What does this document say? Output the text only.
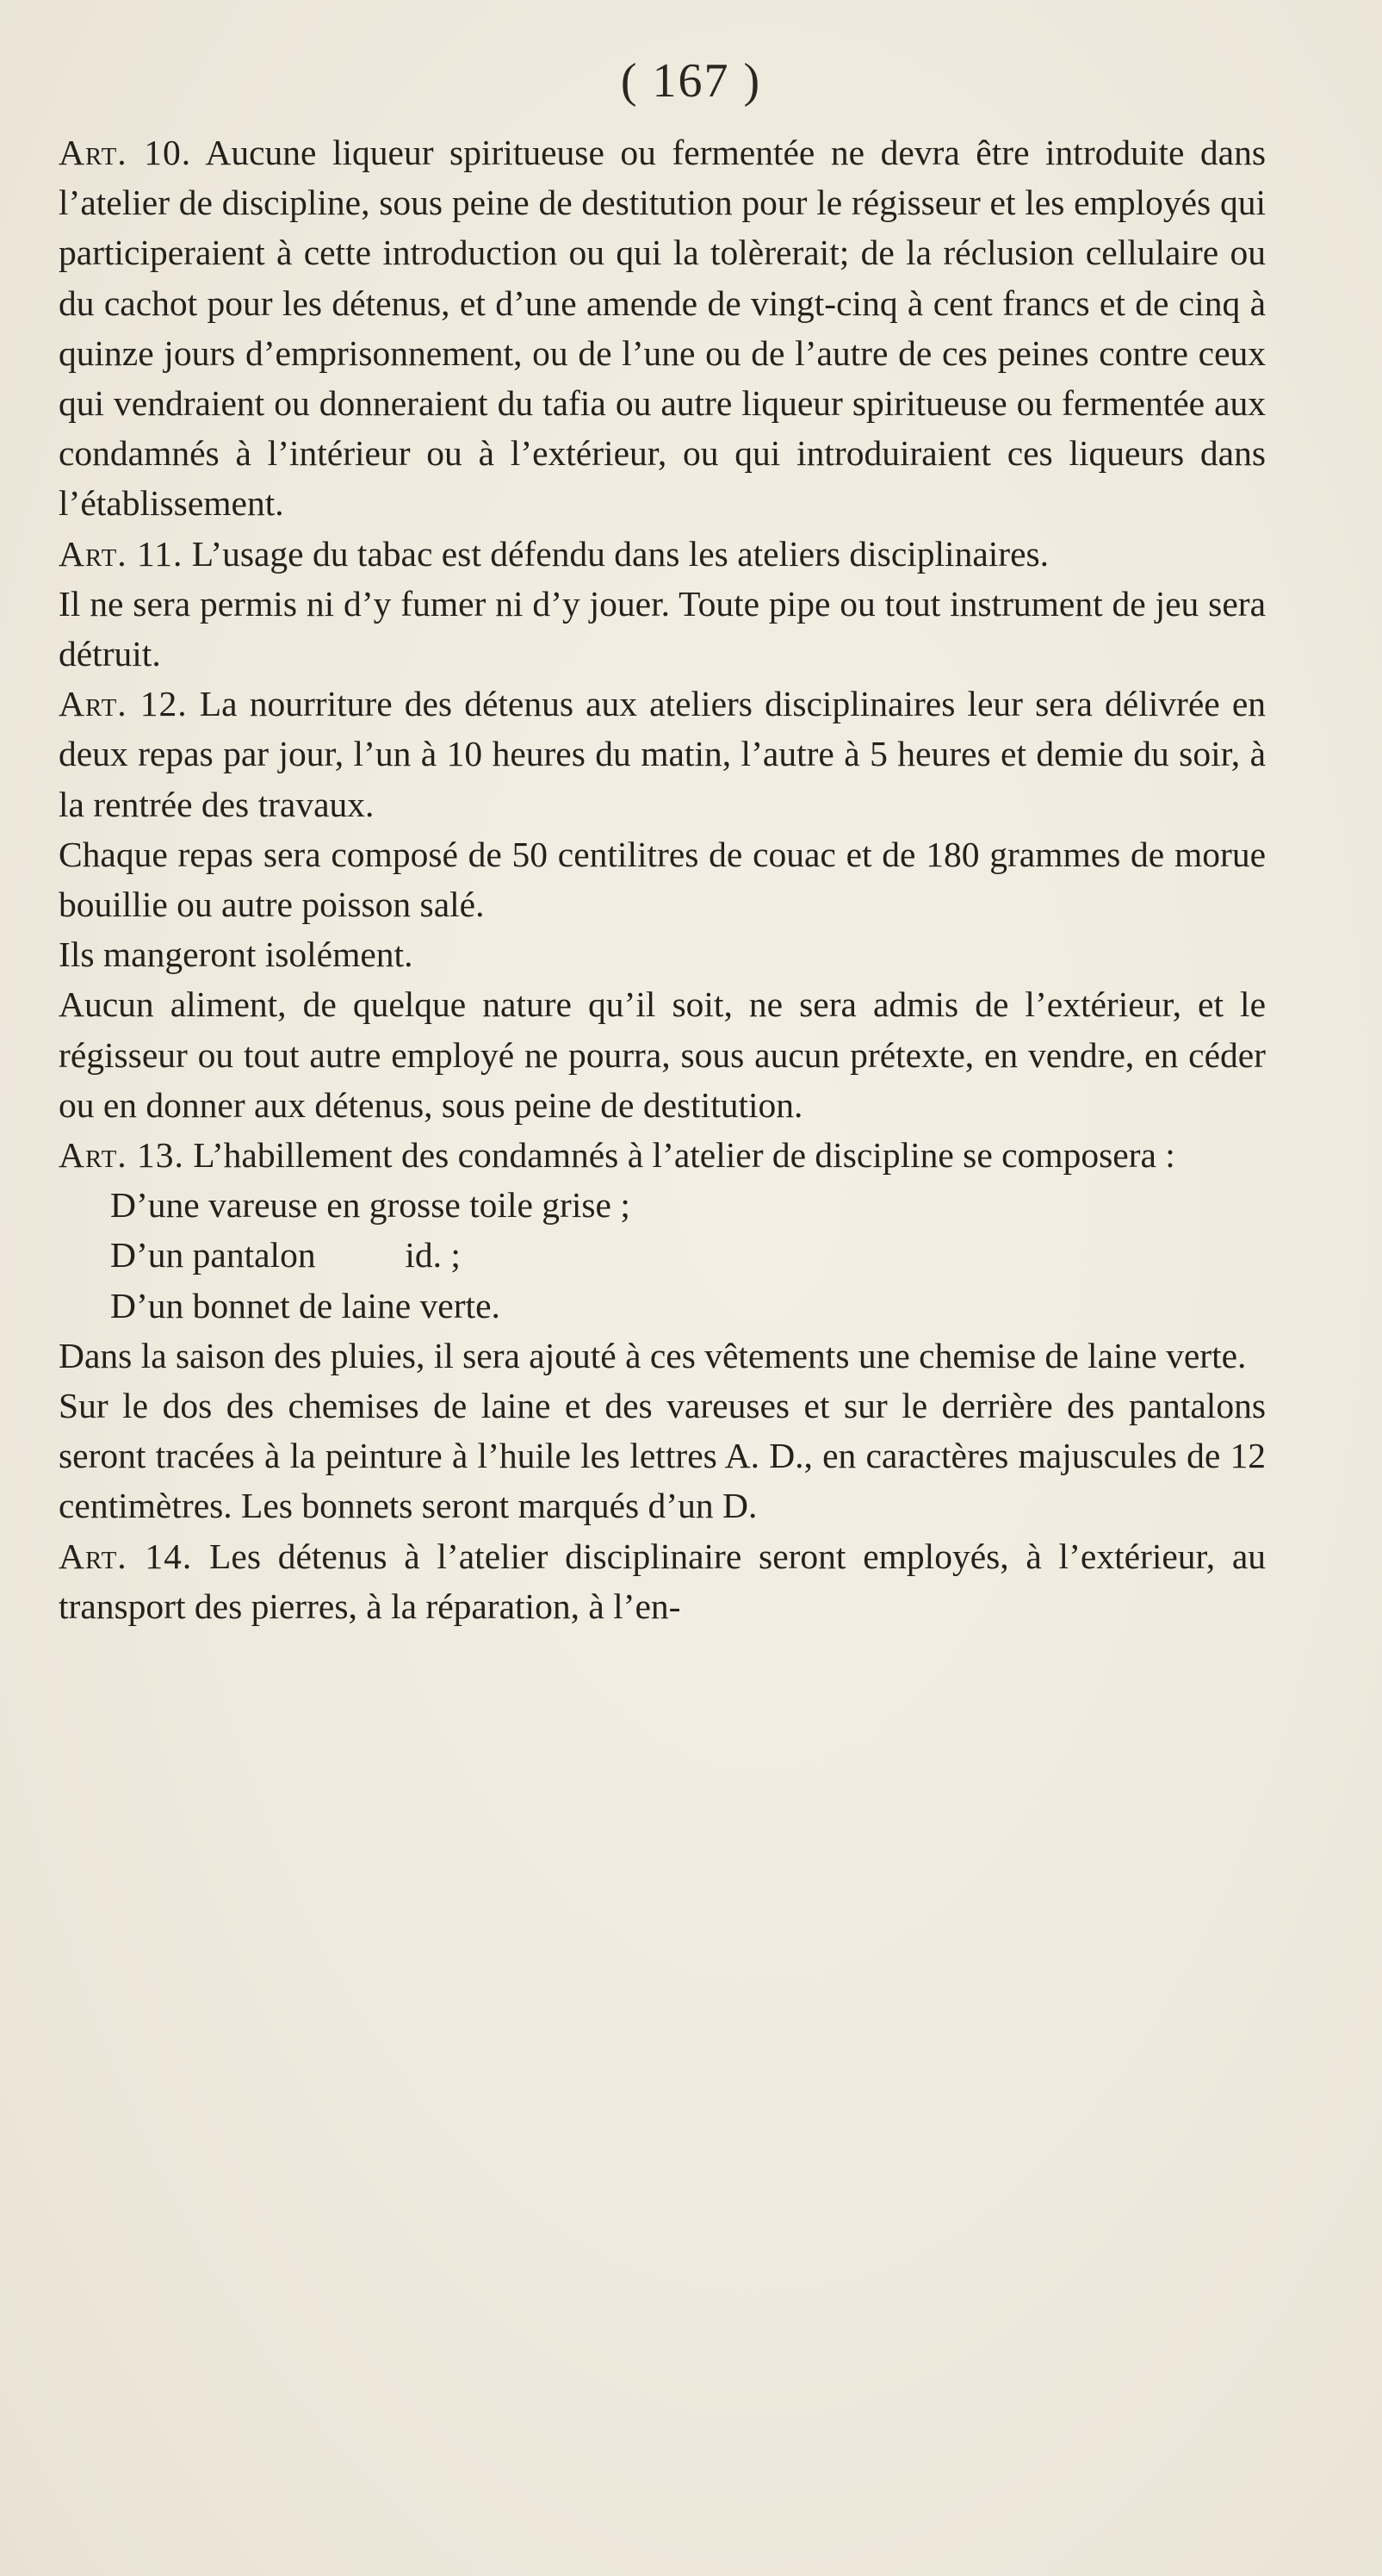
( 167 )

Art. 10. Aucune liqueur spiritueuse ou fermentée ne devra être introduite dans l’atelier de discipline, sous peine de destitution pour le régisseur et les employés qui participeraient à cette introduction ou qui la tolèrerait; de la réclusion cellulaire ou du cachot pour les détenus, et d’une amende de vingt-cinq à cent francs et de cinq à quinze jours d’emprisonnement, ou de l’une ou de l’autre de ces peines contre ceux qui vendraient ou donneraient du tafia ou autre liqueur spiritueuse ou fermentée aux condamnés à l’intérieur ou à l’extérieur, ou qui introduiraient ces liqueurs dans l’établissement.

Art. 11. L’usage du tabac est défendu dans les ateliers disciplinaires.

Il ne sera permis ni d’y fumer ni d’y jouer. Toute pipe ou tout instrument de jeu sera détruit.

Art. 12. La nourriture des détenus aux ateliers disciplinaires leur sera délivrée en deux repas par jour, l’un à 10 heures du matin, l’autre à 5 heures et demie du soir, à la rentrée des travaux.

Chaque repas sera composé de 50 centilitres de couac et de 180 grammes de morue bouillie ou autre poisson salé.

Ils mangeront isolément.

Aucun aliment, de quelque nature qu’il soit, ne sera admis de l’extérieur, et le régisseur ou tout autre employé ne pourra, sous aucun prétexte, en vendre, en céder ou en donner aux détenus, sous peine de destitution.

Art. 13. L’habillement des condamnés à l’atelier de discipline se composera :

D’une vareuse en grosse toile grise ;

D’un pantalon          id. ;

D’un bonnet de laine verte.

Dans la saison des pluies, il sera ajouté à ces vêtements une chemise de laine verte.

Sur le dos des chemises de laine et des vareuses et sur le derrière des pantalons seront tracées à la peinture à l’huile les lettres A. D., en caractères majuscules de 12 centimètres. Les bonnets seront marqués d’un D.

Art. 14. Les détenus à l’atelier disciplinaire seront employés, à l’extérieur, au transport des pierres, à la réparation, à l’en-
